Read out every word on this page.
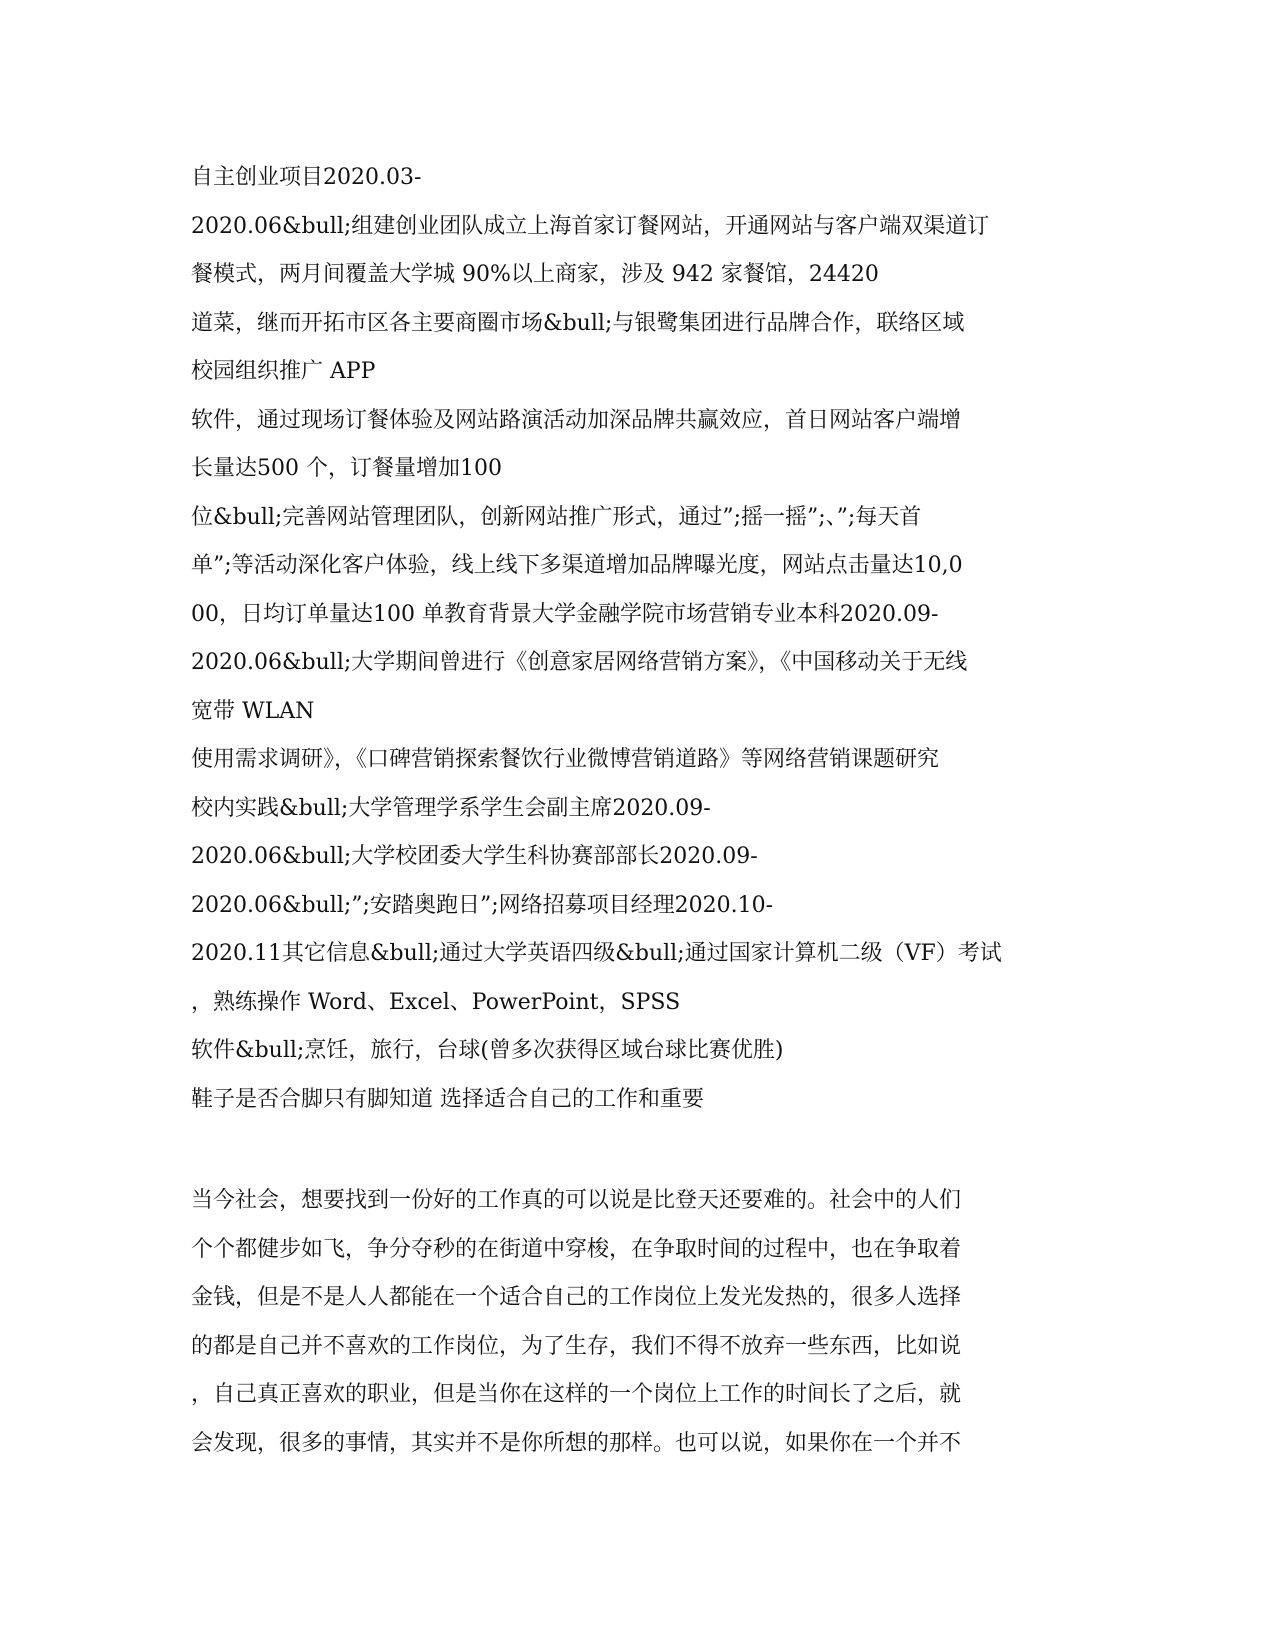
自主创业项目2020.03-
2020.06&bull;组建创业团队成立上海首家订餐网站，开通网站与客户端双渠道订
餐模式，两月间覆盖大学城 90%以上商家，涉及 942 家餐馆，24420
道菜，继而开拓市区各主要商圈市场&bull;与银鹭集团进行品牌合作，联络区域
校园组织推广 APP
软件，通过现场订餐体验及网站路演活动加深品牌共赢效应，首日网站客户端增
长量达500 个，订餐量增加100
位&bull;完善网站管理团队，创新网站推广形式，通过”;摇一摇”;、”;每天首
单”;等活动深化客户体验，线上线下多渠道增加品牌曝光度，网站点击量达10,0
00，日均订单量达100 单教育背景大学金融学院市场营销专业本科2020.09-
2020.06&bull;大学期间曾进行《创意家居网络营销方案》，《中国移动关于无线
宽带 WLAN
使用需求调研》，《口碑营销探索餐饮行业微博营销道路》等网络营销课题研究
校内实践&bull;大学管理学系学生会副主席2020.09-
2020.06&bull;大学校团委大学生科协赛部部长2020.09-
2020.06&bull;”;安踏奥跑日”;网络招募项目经理2020.10-
2020.11其它信息&bull;通过大学英语四级&bull;通过国家计算机二级（VF）考试
，熟练操作 Word、Excel、PowerPoint，SPSS
软件&bull;烹饪，旅行，台球(曾多次获得区域台球比赛优胜)
鞋子是否合脚只有脚知道 选择适合自己的工作和重要
当今社会，想要找到一份好的工作真的可以说是比登天还要难的。社会中的人们
个个都健步如飞，争分夺秒的在街道中穿梭，在争取时间的过程中，也在争取着
金钱，但是不是人人都能在一个适合自己的工作岗位上发光发热的，很多人选择
的都是自己并不喜欢的工作岗位，为了生存，我们不得不放弃一些东西，比如说
，自己真正喜欢的职业，但是当你在这样的一个岗位上工作的时间长了之后，就
会发现，很多的事情，其实并不是你所想的那样。也可以说，如果你在一个并不
